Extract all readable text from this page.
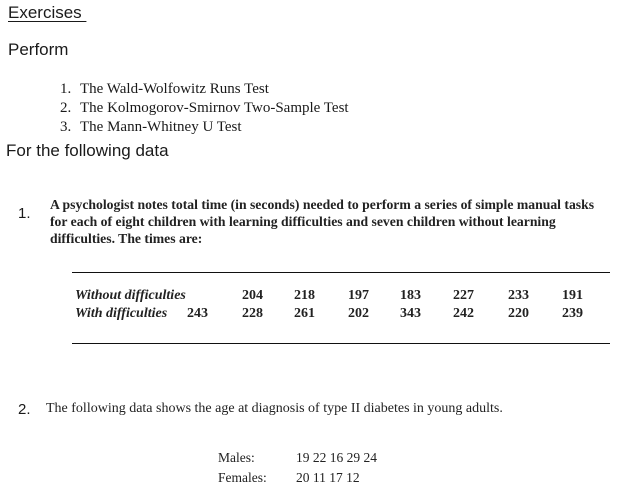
Exercises
Perform
1. The Wald-Wolfowitz Runs Test
2. The Kolmogorov-Smirnov Two-Sample Test
3. The Mann-Whitney U Test
For the following data
1.
A psychologist notes total time (in seconds) needed to perform a series of simple manual tasks for each of eight children with learning difficulties and seven children without learning difficulties. The times are:
Without difficulties	204 218 197 183 227 233 191
With difficulties 243 228 261 202 343 242 220 239
2. The following data shows the age at diagnosis of type II diabetes in young adults.
Males:	19 22 16 29 24
Females: 20 11 17 12
